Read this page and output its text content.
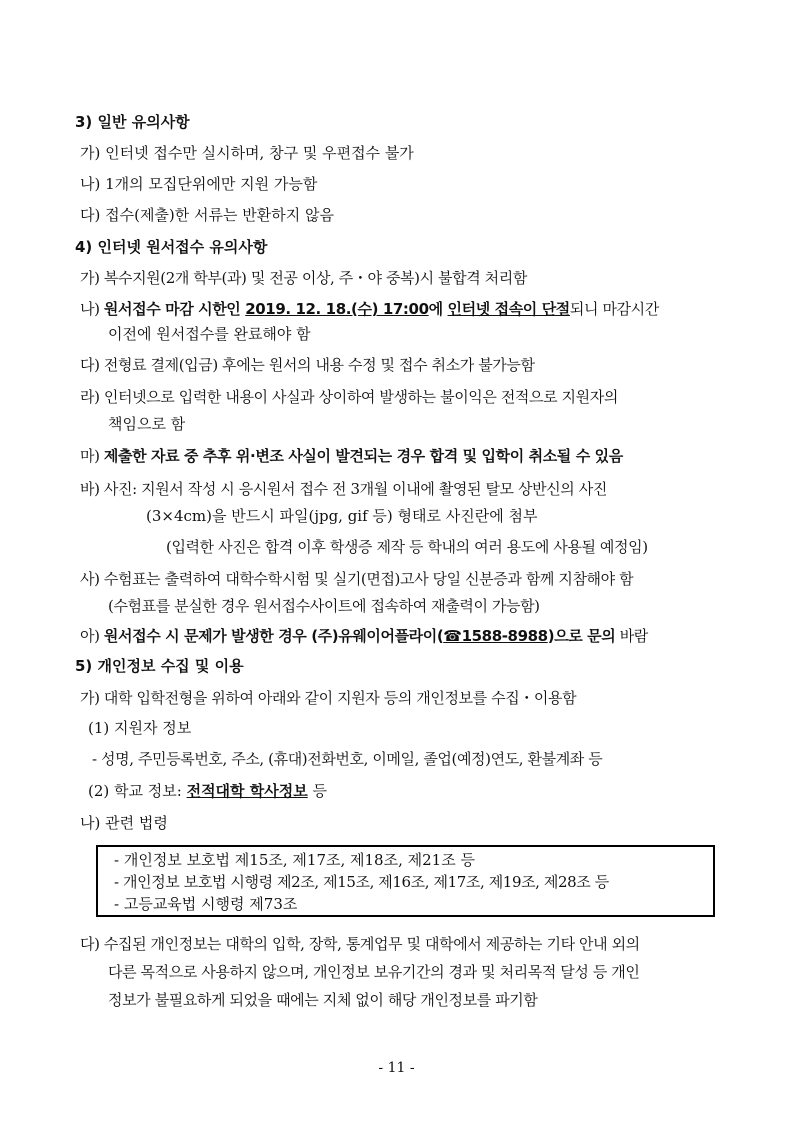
3) 일반 유의사항
가) 인터넷 접수만 실시하며, 창구 및 우편접수 불가
나) 1개의 모집단위에만 지원 가능함
다) 접수(제출)한 서류는 반환하지 않음
4) 인터넷 원서접수 유의사항
가) 복수지원(2개 학부(과) 및 전공 이상, 주・야 중복)시 불합격 처리함
나) 원서접수 마감 시한인 2019. 12. 18.(수) 17:00에 인터넷 접속이 단절되니 마감시간
이전에 원서접수를 완료해야 함
다) 전형료 결제(입금) 후에는 원서의 내용 수정 및 접수 취소가 불가능함
라) 인터넷으로 입력한 내용이 사실과 상이하여 발생하는 불이익은 전적으로 지원자의
책임으로 함
마) 제출한 자료 중 추후 위·변조 사실이 발견되는 경우 합격 및 입학이 취소될 수 있음
바) 사진: 지원서 작성 시 응시원서 접수 전 3개월 이내에 촬영된 탈모 상반신의 사진
(3×4cm)을 반드시 파일(jpg, gif 등) 형태로 사진란에 첨부
(입력한 사진은 합격 이후 학생증 제작 등 학내의 여러 용도에 사용될 예정임)
사) 수험표는 출력하여 대학수학시험 및 실기(면접)고사 당일 신분증과 함께 지참해야 함
(수험표를 분실한 경우 원서접수사이트에 접속하여 재출력이 가능함)
아) 원서접수 시 문제가 발생한 경우 (주)유웨이어플라이(☎1588-8988)으로 문의 바람
5) 개인정보 수집 및 이용
가) 대학 입학전형을 위하여 아래와 같이 지원자 등의 개인정보를 수집・이용함
(1) 지원자 정보
- 성명, 주민등록번호, 주소, (휴대)전화번호, 이메일, 졸업(예정)연도, 환불계좌 등
(2) 학교 정보: 전적대학 학사정보 등
나) 관련 법령
- 개인정보 보호법 제15조, 제17조, 제18조, 제21조 등
- 개인정보 보호법 시행령 제2조, 제15조, 제16조, 제17조, 제19조, 제28조 등
- 고등교육법 시행령 제73조
다) 수집된 개인정보는 대학의 입학, 장학, 통계업무 및 대학에서 제공하는 기타 안내 외의
다른 목적으로 사용하지 않으며, 개인정보 보유기간의 경과 및 처리목적 달성 등 개인
정보가 불필요하게 되었을 때에는 지체 없이 해당 개인정보를 파기함
- 11 -
